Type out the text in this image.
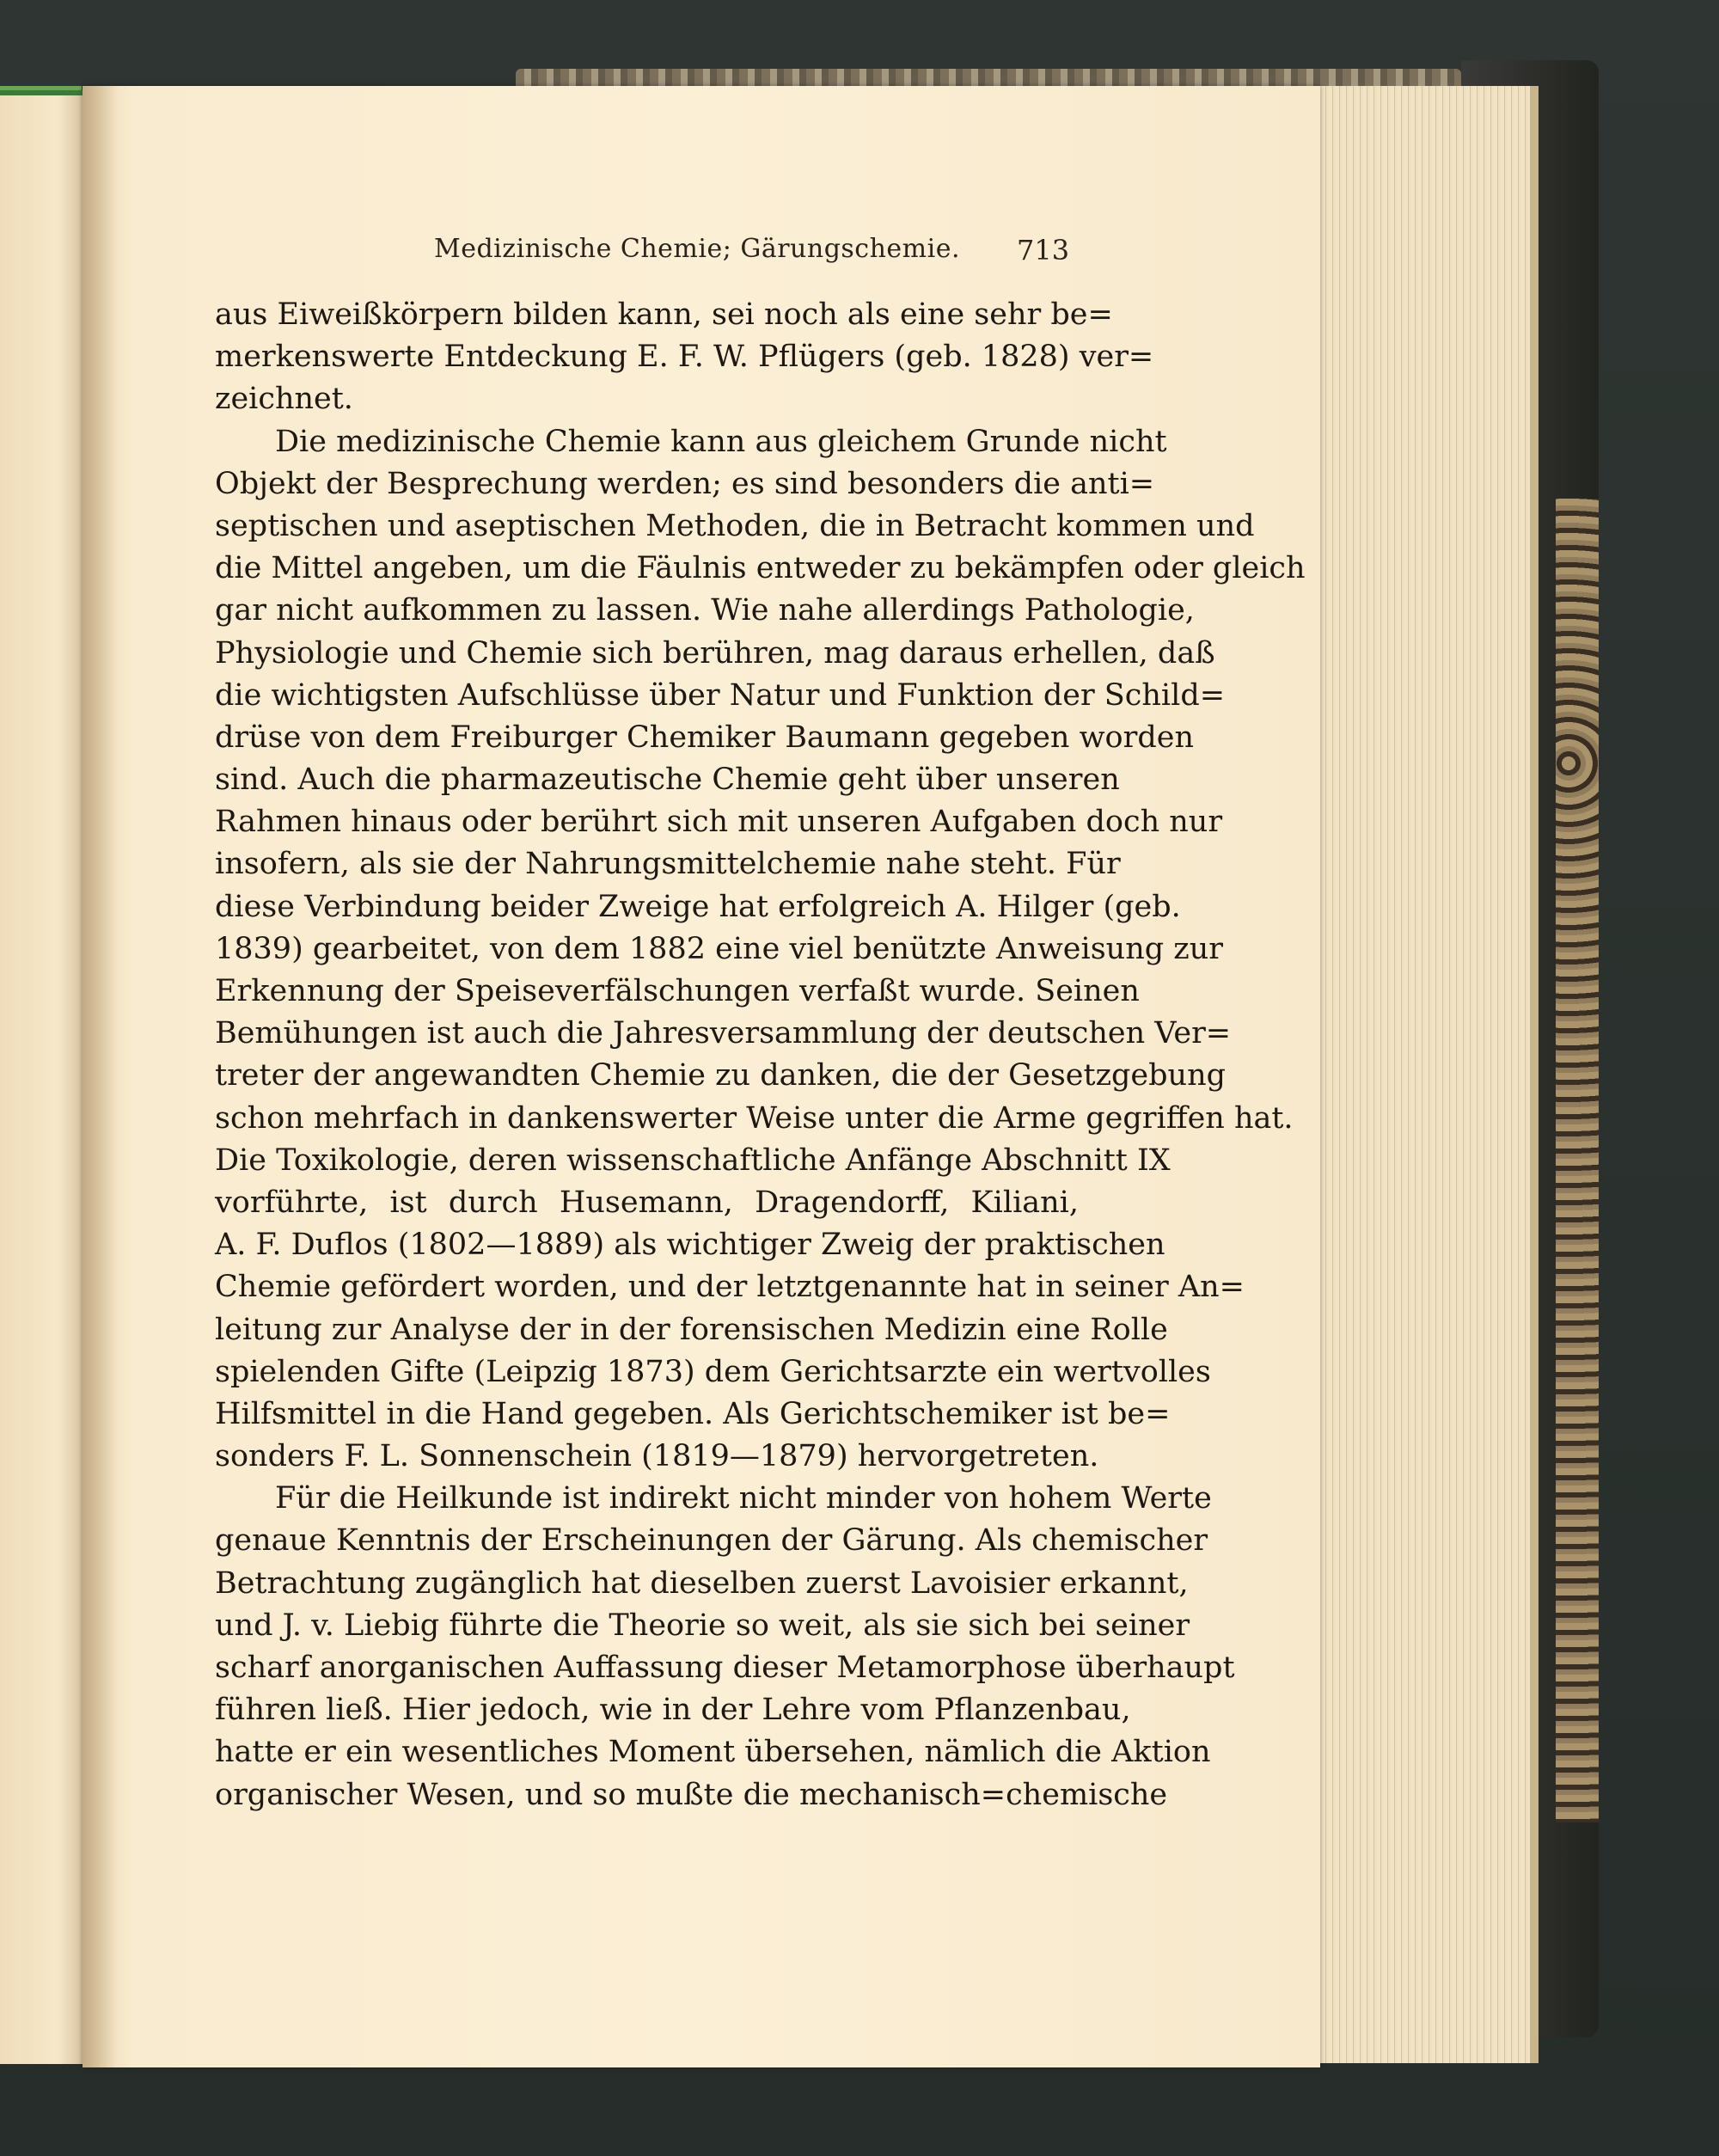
Medizinische Chemie; Gärungschemie. 713
aus Eiweißkörpern bilden kann, sei noch als eine sehr be=
merkenswerte Entdeckung E. F. W. Pflügers (geb. 1828) ver=
zeichnet.
Die medizinische Chemie kann aus gleichem Grunde nicht
Objekt der Besprechung werden; es sind besonders die anti=
septischen und aseptischen Methoden, die in Betracht kommen und
die Mittel angeben, um die Fäulnis entweder zu bekämpfen oder gleich
gar nicht aufkommen zu lassen. Wie nahe allerdings Pathologie,
Physiologie und Chemie sich berühren, mag daraus erhellen, daß
die wichtigsten Aufschlüsse über Natur und Funktion der Schild=
drüse von dem Freiburger Chemiker Baumann gegeben worden
sind. Auch die pharmazeutische Chemie geht über unseren
Rahmen hinaus oder berührt sich mit unseren Aufgaben doch nur
insofern, als sie der Nahrungsmittelchemie nahe steht. Für
diese Verbindung beider Zweige hat erfolgreich A. Hilger (geb.
1839) gearbeitet, von dem 1882 eine viel benützte Anweisung zur
Erkennung der Speiseverfälschungen verfaßt wurde. Seinen
Bemühungen ist auch die Jahresversammlung der deutschen Ver=
treter der angewandten Chemie zu danken, die der Gesetzgebung
schon mehrfach in dankenswerter Weise unter die Arme gegriffen hat.
Die Toxikologie, deren wissenschaftliche Anfänge Abschnitt IX
vorführte, ist durch Husemann, Dragendorff, Kiliani,
A. F. Duflos (1802—1889) als wichtiger Zweig der praktischen
Chemie gefördert worden, und der letztgenannte hat in seiner An=
leitung zur Analyse der in der forensischen Medizin eine Rolle
spielenden Gifte (Leipzig 1873) dem Gerichtsarzte ein wertvolles
Hilfsmittel in die Hand gegeben. Als Gerichtschemiker ist be=
sonders F. L. Sonnenschein (1819—1879) hervorgetreten.
Für die Heilkunde ist indirekt nicht minder von hohem Werte
genaue Kenntnis der Erscheinungen der Gärung. Als chemischer
Betrachtung zugänglich hat dieselben zuerst Lavoisier erkannt,
und J. v. Liebig führte die Theorie so weit, als sie sich bei seiner
scharf anorganischen Auffassung dieser Metamorphose überhaupt
führen ließ. Hier jedoch, wie in der Lehre vom Pflanzenbau,
hatte er ein wesentliches Moment übersehen, nämlich die Aktion
organischer Wesen, und so mußte die mechanisch=chemische
